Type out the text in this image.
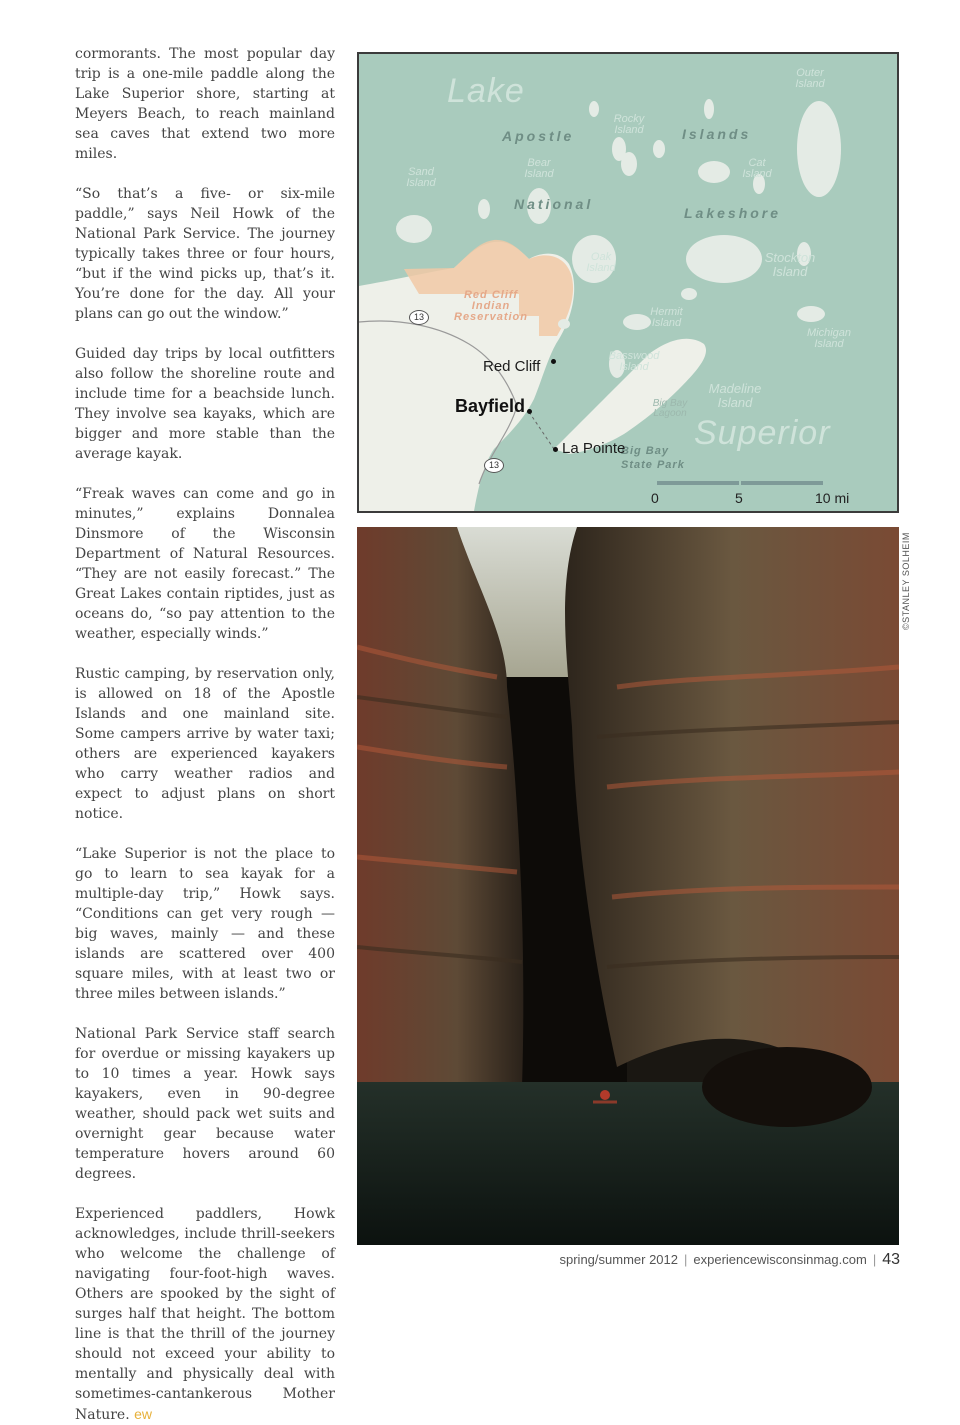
cormorants. The most popular day trip is a one-mile paddle along the Lake Superior shore, starting at Meyers Beach, to reach mainland sea caves that extend two more miles.

“So that’s a five- or six-mile paddle,” says Neil Howk of the National Park Service. The journey typically takes three or four hours, “but if the wind picks up, that’s it. You’re done for the day. All your plans can go out the window.”

Guided day trips by local outfitters also follow the shoreline route and include time for a beachside lunch. They involve sea kayaks, which are bigger and more stable than the average kayak.

“Freak waves can come and go in minutes,” explains Donnalea Dinsmore of the Wisconsin Department of Natural Resources. “They are not easily forecast.” The Great Lakes contain riptides, just as oceans do, “so pay attention to the weather, especially winds.”

Rustic camping, by reservation only, is allowed on 18 of the Apostle Islands and one mainland site. Some campers arrive by water taxi; others are experienced kayakers who carry weather radios and expect to adjust plans on short notice.

“Lake Superior is not the place to go to learn to sea kayak for a multiple-day trip,” Howk says. “Conditions can get very rough — big waves, mainly — and these islands are scattered over 400 square miles, with at least two or three miles between islands.”

National Park Service staff search for overdue or missing kayakers up to 10 times a year. Howk says kayakers, even in 90-degree weather, should pack wet suits and overnight gear because water temperature hovers around 60 degrees.

Experienced paddlers, Howk acknowledges, include thrill-seekers who welcome the challenge of navigating four-foot-high waves. Others are spooked by the sight of surges half that height. The bottom line is that the thrill of the journey should not exceed your ability to mentally and physically deal with sometimes-cantankerous Mother Nature. ew

Lake
Superior
Apostle	Islands
National
Lakeshore
Outer Island
Rocky Island
Sand Island
Bear Island
Cat Island
Oak Island
Stockton Island
Hermit Island
Michigan Island
Basswood Island
Madeline Island
Big Bay Lagoon
Red Cliff Indian Reservation
Big Bay State Park
Red Cliff
Bayfield
La Pointe
13
13
0	5	10 mi
©STANLEY SOLHEIM
spring/summer 2012 | experiencewisconsinmag.com | 43
